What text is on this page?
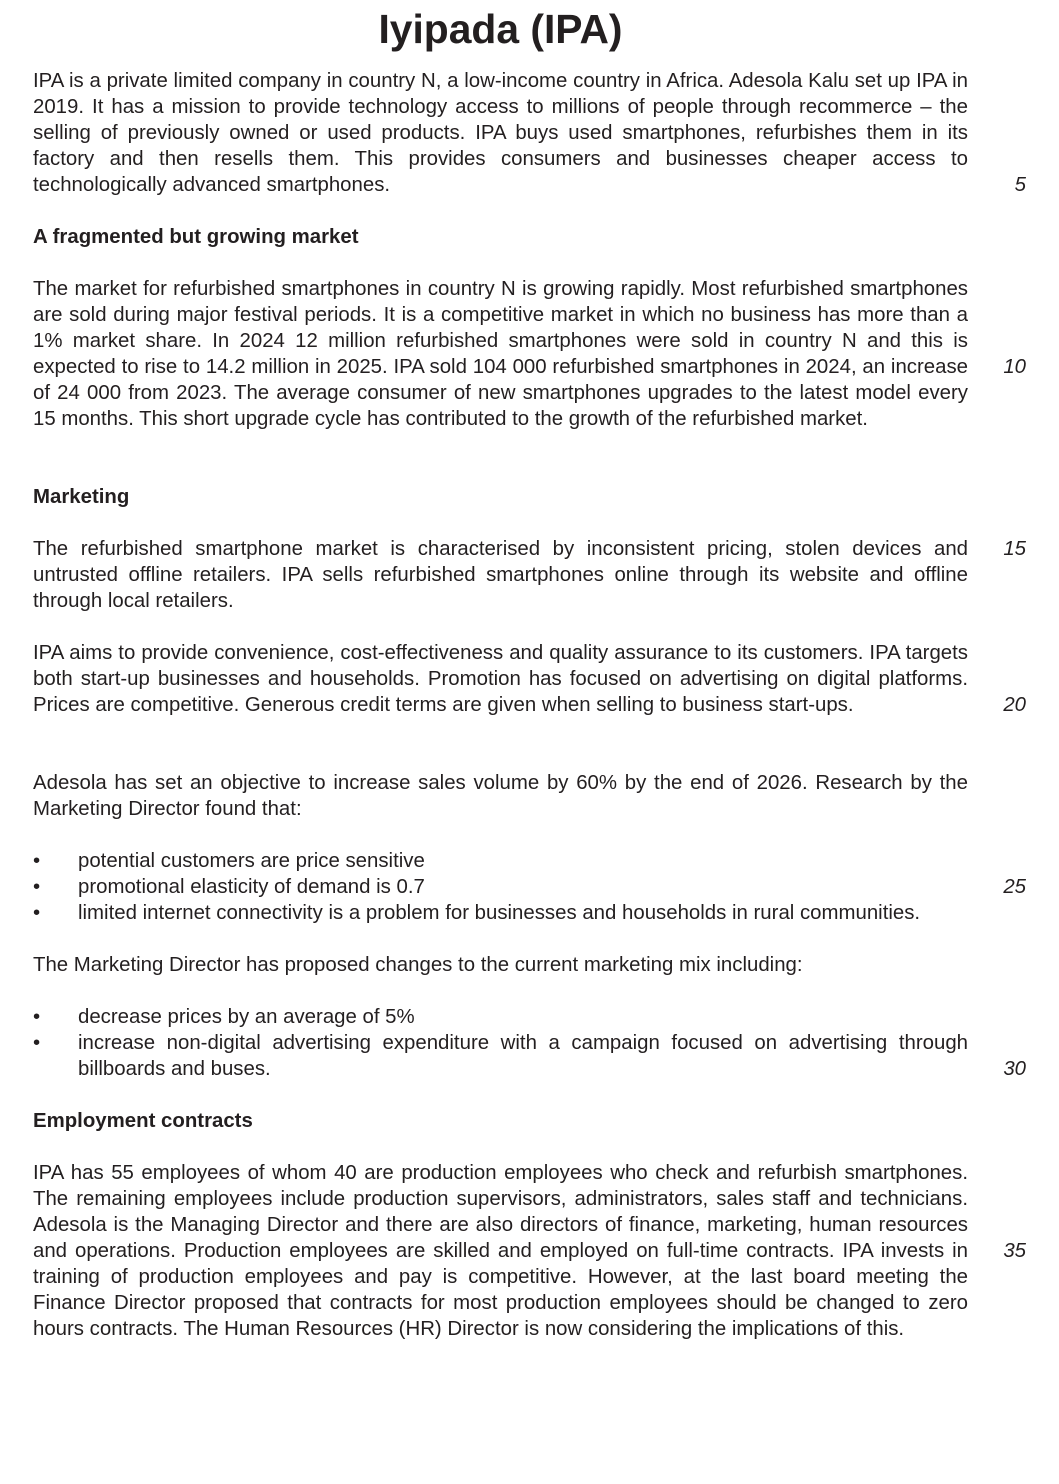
Iyipada (IPA)

IPA is a private limited company in country N, a low-income country in Africa. Adesola Kalu set up IPA in 2019. It has a mission to provide technology access to millions of people through recommerce – the selling of previously owned or used products. IPA buys used smartphones, refurbishes them in its factory and then resells them. This provides consumers and businesses cheaper access to technologically advanced smartphones.

A fragmented but growing market

The market for refurbished smartphones in country N is growing rapidly. Most refurbished smartphones are sold during major festival periods. It is a competitive market in which no business has more than a 1% market share. In 2024 12 million refurbished smartphones were sold in country N and this is expected to rise to 14.2 million in 2025. IPA sold 104 000 refurbished smartphones in 2024, an increase of 24 000 from 2023. The average consumer of new smartphones upgrades to the latest model every 15 months. This short upgrade cycle has contributed to the growth of the refurbished market.

Marketing

The refurbished smartphone market is characterised by inconsistent pricing, stolen devices and untrusted offline retailers. IPA sells refurbished smartphones online through its website and offline through local retailers.

IPA aims to provide convenience, cost-effectiveness and quality assurance to its customers. IPA targets both start-up businesses and households. Promotion has focused on advertising on digital platforms. Prices are competitive. Generous credit terms are given when selling to business start-ups.

Adesola has set an objective to increase sales volume by 60% by the end of 2026. Research by the Marketing Director found that:

• potential customers are price sensitive
• promotional elasticity of demand is 0.7
• limited internet connectivity is a problem for businesses and households in rural communities.

The Marketing Director has proposed changes to the current marketing mix including:

• decrease prices by an average of 5%
• increase non-digital advertising expenditure with a campaign focused on advertising through billboards and buses.
Employment contracts

IPA has 55 employees of whom 40 are production employees who check and refurbish smartphones. The remaining employees include production supervisors, administrators, sales staff and technicians. Adesola is the Managing Director and there are also directors of finance, marketing, human resources and operations. Production employees are skilled and employed on full-time contracts. IPA invests in training of production employees and pay is competitive. However, at the last board meeting the Finance Director proposed that contracts for most production employees should be changed to zero hours contracts. The Human Resources (HR) Director is now considering the implications of this.

5
10
15
20
25
30
35
